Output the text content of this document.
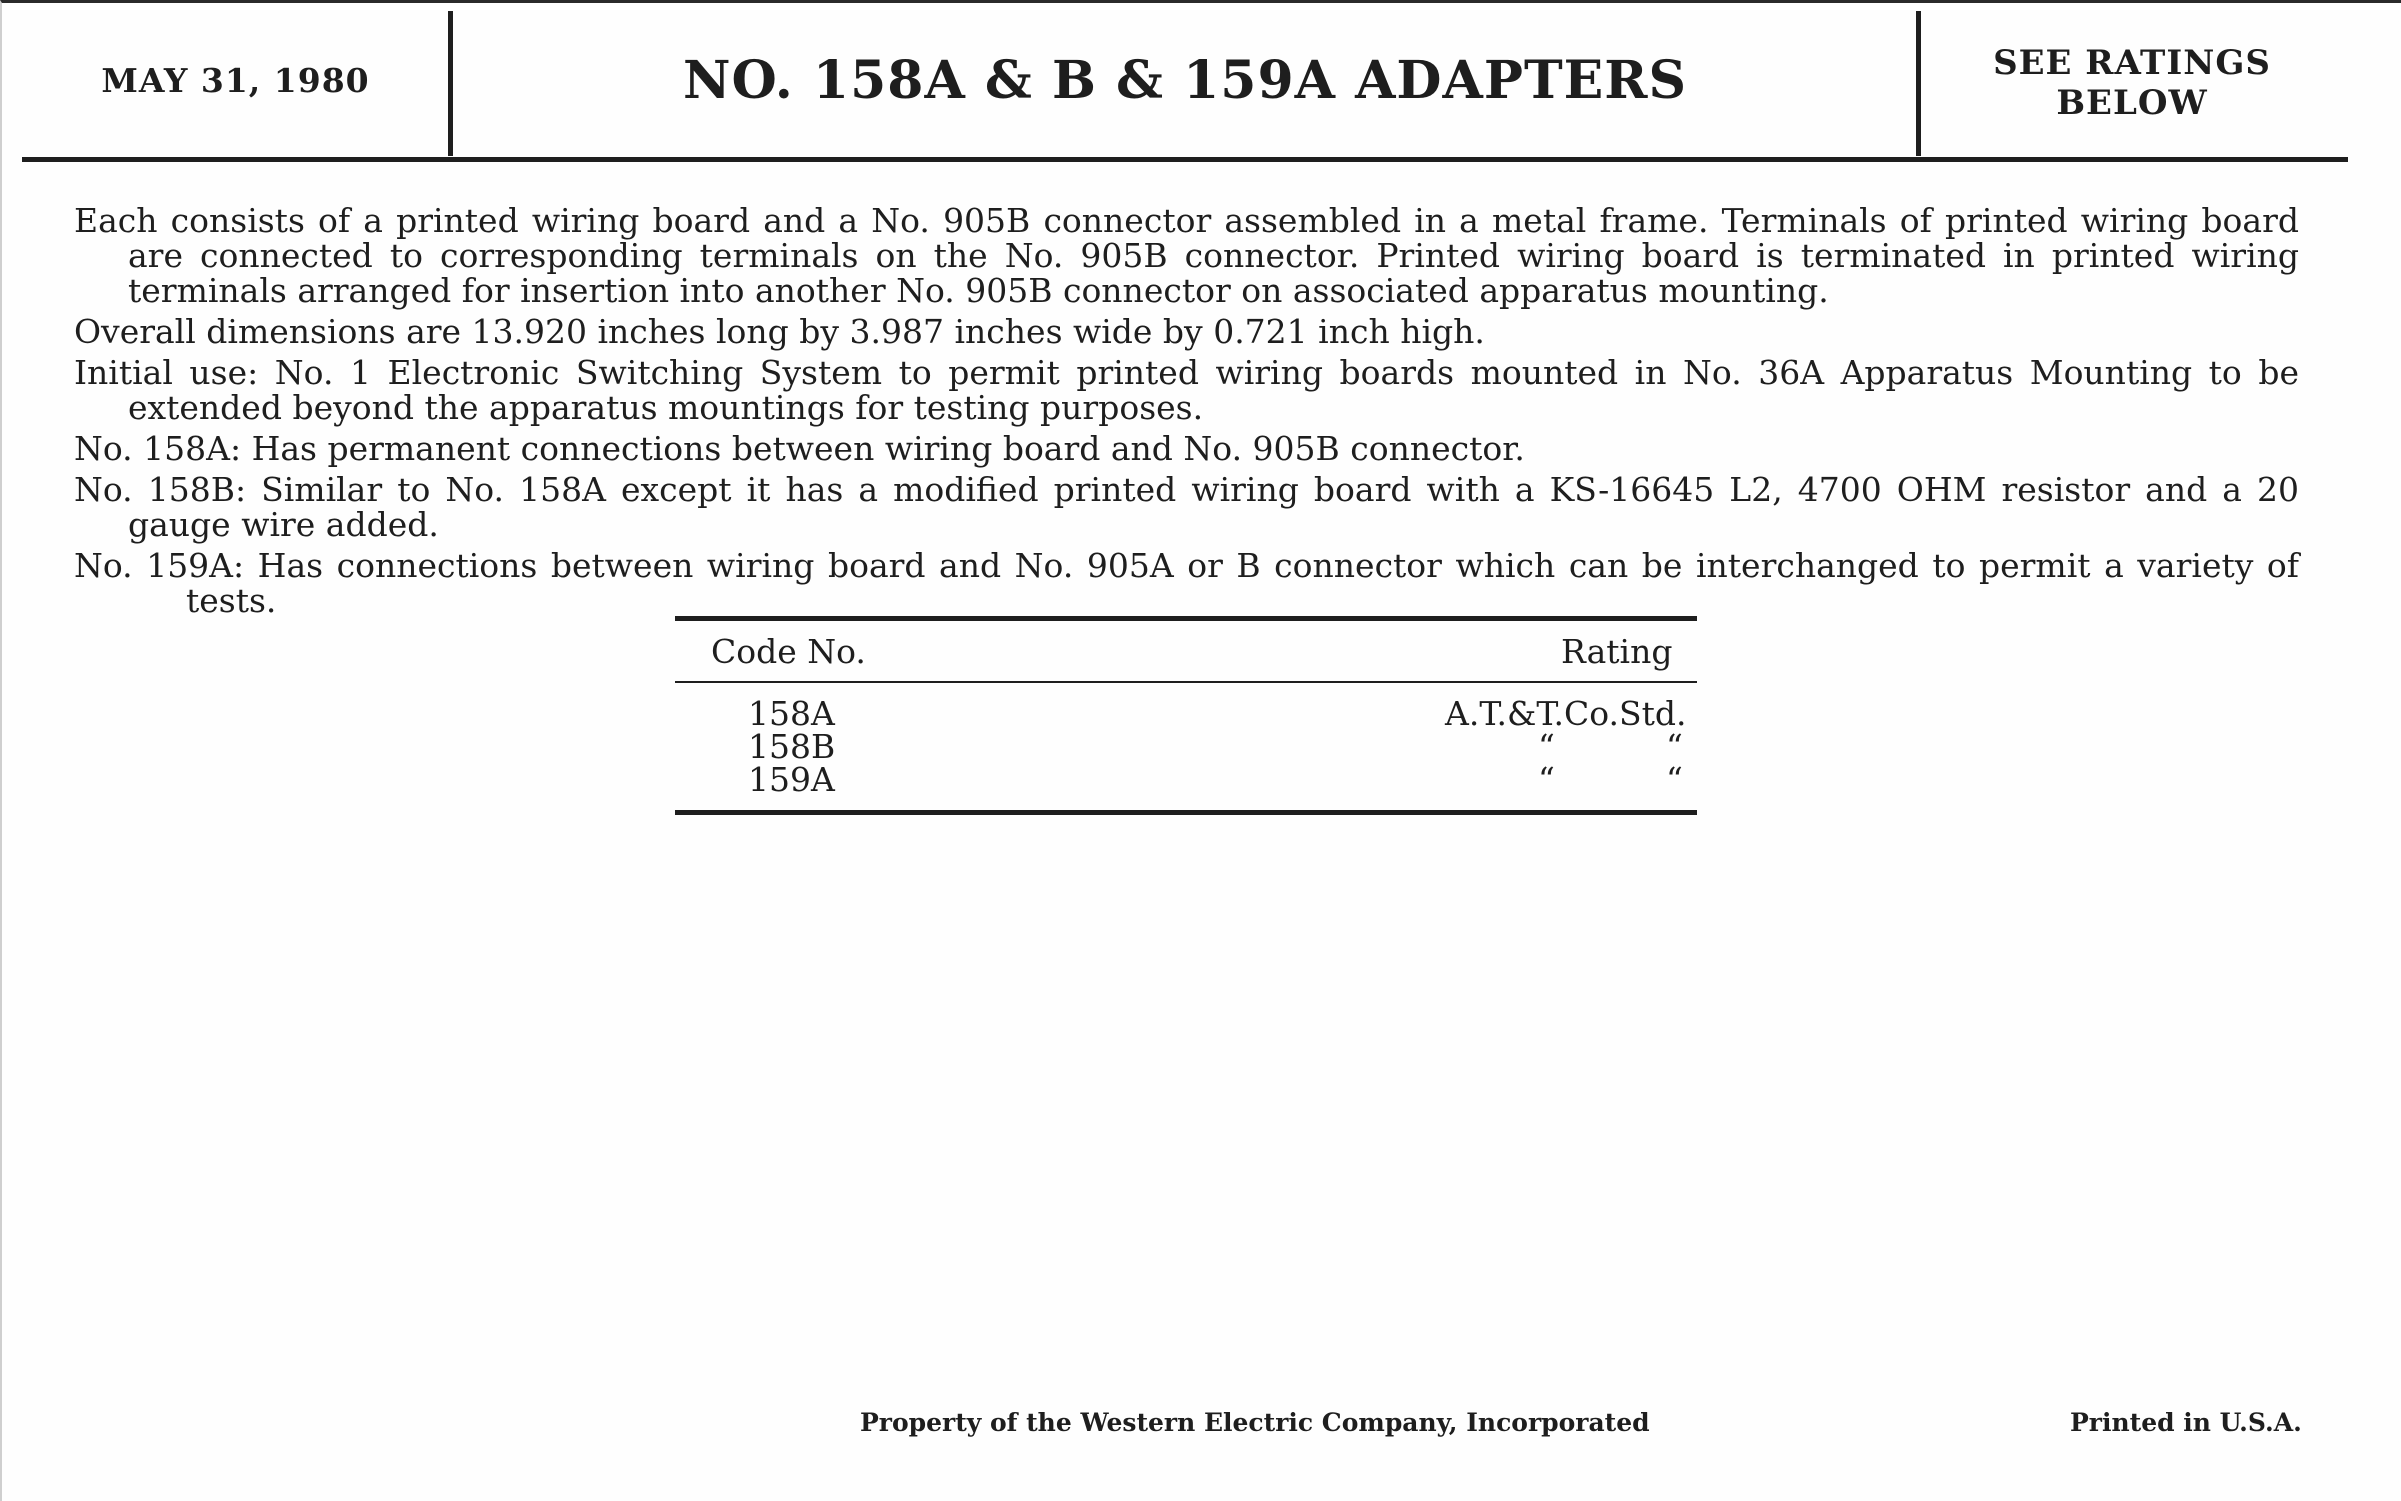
MAY 31, 1980	NO. 158A & B & 159A ADAPTERS	SEE RATINGS
BELOW

Each consists of a printed wiring board and a No. 905B connector assembled in a metal frame. Terminals of printed wiring board are connected to corresponding terminals on the No. 905B connector. Printed wiring board is terminated in printed wiring terminals arranged for insertion into another No. 905B connector on associated apparatus mounting.

Overall dimensions are 13.920 inches long by 3.987 inches wide by 0.721 inch high.

Initial use: No. 1 Electronic Switching System to permit printed wiring boards mounted in No. 36A Apparatus Mounting to be extended beyond the apparatus mountings for testing purposes.

No. 158A: Has permanent connections between wiring board and No. 905B connector.

No. 158B: Similar to No. 158A except it has a modified printed wiring board with a KS-16645 L2, 4700 OHM resistor and a 20 gauge wire added.

No. 159A: Has connections between wiring board and No. 905A or B connector which can be interchanged to permit a variety of tests.

Code No.	Rating
158A	A.T.&T.Co.Std.
158B	“	“
159A	“	“
Property of the Western Electric Company, Incorporated	Printed in U.S.A.
